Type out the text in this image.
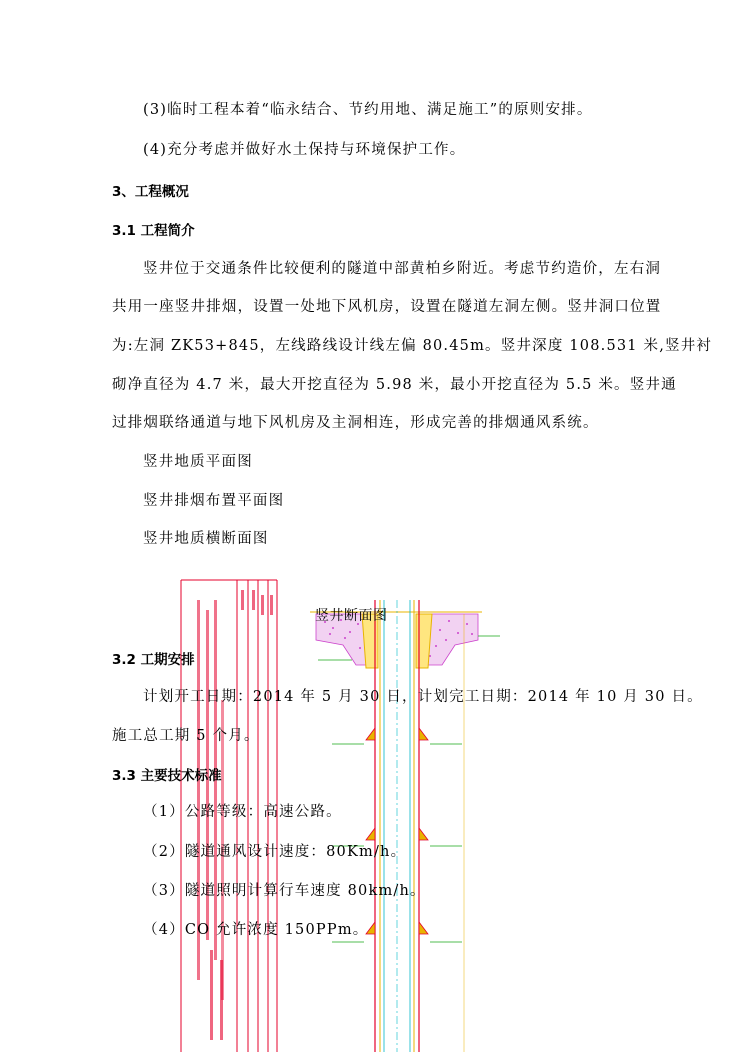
(3)临时工程本着“临永结合、节约用地、满足施工”的原则安排。
(4)充分考虑并做好水土保持与环境保护工作。
3、工程概况
3.1 工程简介
竖井位于交通条件比较便利的隧道中部黄柏乡附近。考虑节约造价，左右洞
共用一座竖井排烟，设置一处地下风机房，设置在隧道左洞左侧。竖井洞口位置
为:左洞 ZK53+845，左线路线设计线左偏 80.45m。竖井深度 108.531 米,竖井衬
砌净直径为 4.7 米，最大开挖直径为 5.98 米，最小开挖直径为 5.5 米。竖井通
过排烟联络通道与地下风机房及主洞相连，形成完善的排烟通风系统。
竖井地质平面图
竖井排烟布置平面图
竖井地质横断面图
竖井断面图
3.2 工期安排
计划开工日期：2014 年 5 月 30 日，计划完工日期：2014 年 10 月 30 日。
施工总工期 5 个月。
3.3 主要技术标准
（1）公路等级：高速公路。
（2）隧道通风设计速度：80Km/h。
（3）隧道照明计算行车速度 80km/h。
（4）CO 允许浓度 150PPm。
